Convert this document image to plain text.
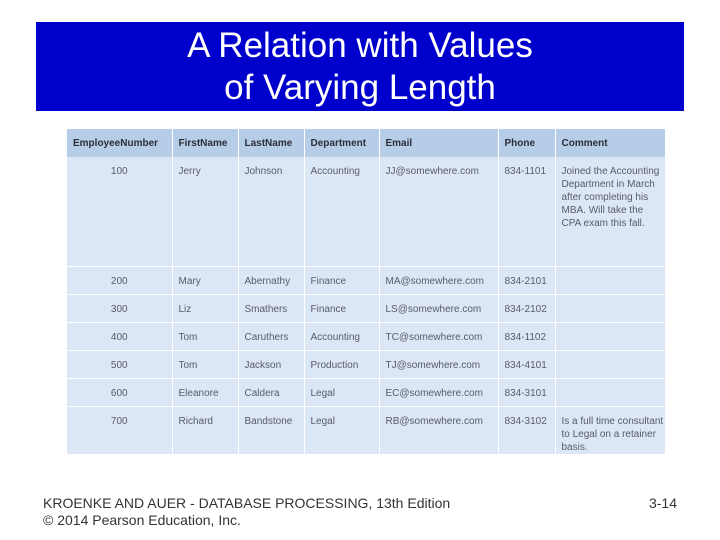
A Relation with Values
of Varying Length
EmployeeNumber	FirstName	LastName	Department	Email	Phone	Comment
100	Jerry	Johnson	Accounting	JJ@somewhere.com	834-1101	Joined the Accounting Department in March after completing his MBA. Will take the CPA exam this fall.
200	Mary	Abernathy	Finance	MA@somewhere.com	834-2101	
300	Liz	Smathers	Finance	LS@somewhere.com	834-2102	
400	Tom	Caruthers	Accounting	TC@somewhere.com	834-1102	
500	Tom	Jackson	Production	TJ@somewhere.com	834-4101	
600	Eleanore	Caldera	Legal	EC@somewhere.com	834-3101	
700	Richard	Bandstone	Legal	RB@somewhere.com	834-3102	Is a full time consultant to Legal on a retainer basis.
KROENKE AND AUER - DATABASE PROCESSING, 13th Edition
© 2014 Pearson Education, Inc.
3-14
